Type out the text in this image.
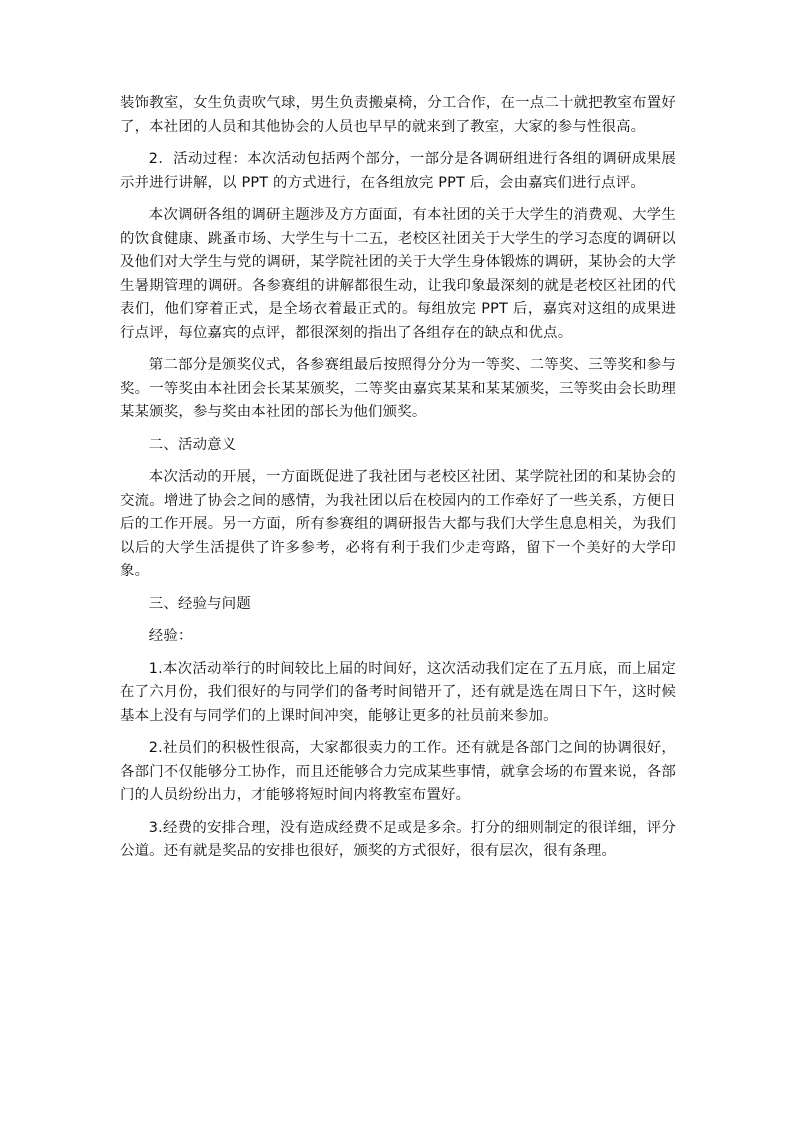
装饰教室，女生负责吹气球，男生负责搬桌椅，分工合作，在一点二十就把教室布置好了，本社团的人员和其他协会的人员也早早的就来到了教室，大家的参与性很高。

2．活动过程：本次活动包括两个部分，一部分是各调研组进行各组的调研成果展示并进行讲解，以 PPT 的方式进行，在各组放完 PPT 后，会由嘉宾们进行点评。

本次调研各组的调研主题涉及方方面面，有本社团的关于大学生的消费观、大学生的饮食健康、跳蚤市场、大学生与十二五，老校区社团关于大学生的学习态度的调研以及他们对大学生与党的调研，某学院社团的关于大学生身体锻炼的调研，某协会的大学生暑期管理的调研。各参赛组的讲解都很生动，让我印象最深刻的就是老校区社团的代表们，他们穿着正式，是全场衣着最正式的。每组放完 PPT 后，嘉宾对这组的成果进行点评，每位嘉宾的点评，都很深刻的指出了各组存在的缺点和优点。

第二部分是颁奖仪式，各参赛组最后按照得分分为一等奖、二等奖、三等奖和参与奖。一等奖由本社团会长某某颁奖，二等奖由嘉宾某某和某某颁奖，三等奖由会长助理某某颁奖，参与奖由本社团的部长为他们颁奖。

二、活动意义

本次活动的开展，一方面既促进了我社团与老校区社团、某学院社团的和某协会的交流。增进了协会之间的感情，为我社团以后在校园内的工作牵好了一些关系，方便日后的工作开展。另一方面，所有参赛组的调研报告大都与我们大学生息息相关，为我们以后的大学生活提供了许多参考，必将有利于我们少走弯路，留下一个美好的大学印象。

三、经验与问题

经验：

1.本次活动举行的时间较比上届的时间好，这次活动我们定在了五月底，而上届定在了六月份，我们很好的与同学们的备考时间错开了，还有就是选在周日下午，这时候基本上没有与同学们的上课时间冲突，能够让更多的社员前来参加。

2.社员们的积极性很高，大家都很卖力的工作。还有就是各部门之间的协调很好，各部门不仅能够分工协作，而且还能够合力完成某些事情，就拿会场的布置来说，各部门的人员纷纷出力，才能够将短时间内将教室布置好。

3.经费的安排合理，没有造成经费不足或是多余。打分的细则制定的很详细，评分公道。还有就是奖品的安排也很好，颁奖的方式很好，很有层次，很有条理。
